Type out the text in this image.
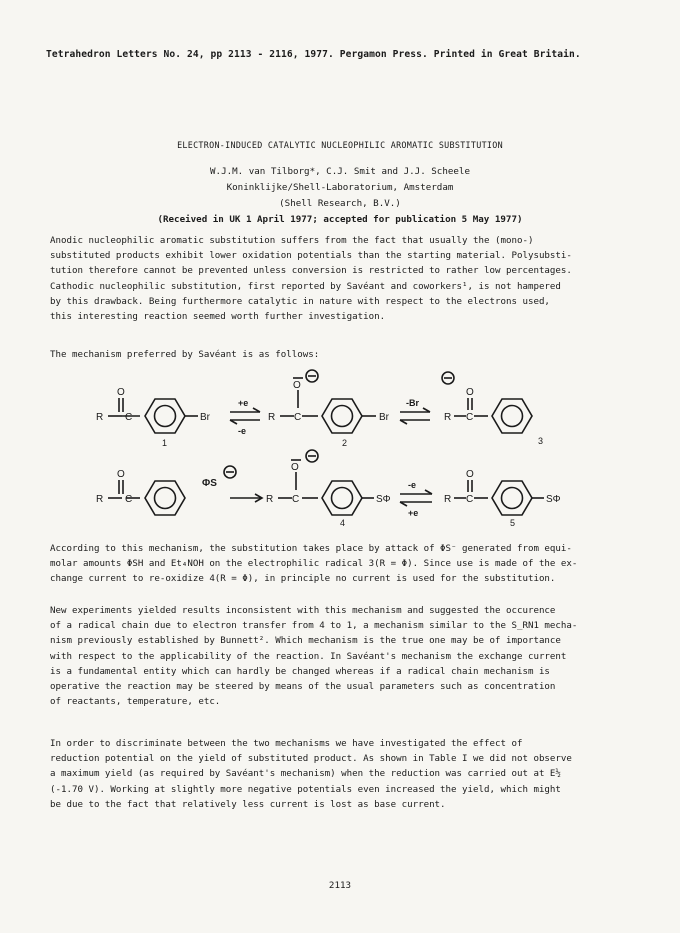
Tetrahedron Letters No. 24, pp 2113 - 2116, 1977. Pergamon Press. Printed in Great Britain.
ELECTRON-INDUCED CATALYTIC NUCLEOPHILIC AROMATIC SUBSTITUTION
W.J.M. van Tilborg*, C.J. Smit and J.J. Scheele
Koninklijke/Shell-Laboratorium, Amsterdam
(Shell Research, B.V.)
(Received in UK 1 April 1977; accepted for publication 5 May 1977)
Anodic nucleophilic aromatic substitution suffers from the fact that usually the (mono-)
substituted products exhibit lower oxidation potentials than the starting material. Polysubsti-
tution therefore cannot be prevented unless conversion is restricted to rather low percentages.
Cathodic nucleophilic substitution, first reported by Savéant and coworkers¹, is not hampered
by this drawback. Being furthermore catalytic in nature with respect to the electrons used,
this interesting reaction seemed worth further investigation.
The mechanism preferred by Savéant is as follows:
R
O
C	Br
1
+e
-e
R
O
−
C	Br
2
-Br
−
R
O
C
3
R
O
C
ΦS
−
R
O
−
C	SΦ
4
-e
+e
R
O
C	SΦ
5
According to this mechanism, the substitution takes place by attack of ΦS⁻ generated from equi-
molar amounts ΦSH and Et₄NOH on the electrophilic radical 3(R = Φ). Since use is made of the ex-
change current to re-oxidize 4(R = Φ), in principle no current is used for the substitution.
New experiments yielded results inconsistent with this mechanism and suggested the occurence
of a radical chain due to electron transfer from 4 to 1, a mechanism similar to the S_RN1 mecha-
nism previously established by Bunnett². Which mechanism is the true one may be of importance
with respect to the applicability of the reaction. In Savéant's mechanism the exchange current
is a fundamental entity which can hardly be changed whereas if a radical chain mechanism is
operative the reaction may be steered by means of the usual parameters such as concentration
of reactants, temperature, etc.
In order to discriminate between the two mechanisms we have investigated the effect of
reduction potential on the yield of substituted product. As shown in Table I we did not observe
a maximum yield (as required by Savéant's mechanism) when the reduction was carried out at E½
(-1.70 V). Working at slightly more negative potentials even increased the yield, which might
be due to the fact that relatively less current is lost as base current.
2113
